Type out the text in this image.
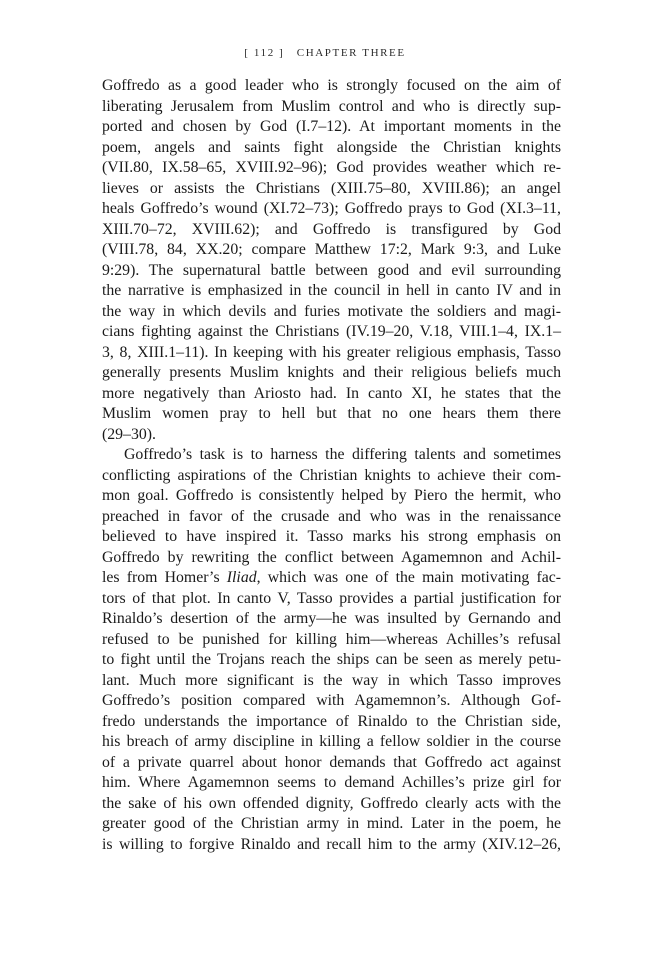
[ 112 ] CHAPTER THREE
Goffredo as a good leader who is strongly focused on the aim of
liberating Jerusalem from Muslim control and who is directly sup-
ported and chosen by God (I.7–12). At important moments in the
poem, angels and saints fight alongside the Christian knights
(VII.80, IX.58–65, XVIII.92–96); God provides weather which re-
lieves or assists the Christians (XIII.75–80, XVIII.86); an angel
heals Goffredo’s wound (XI.72–73); Goffredo prays to God (XI.3–11,
XIII.70–72, XVIII.62); and Goffredo is transfigured by God
(VIII.78, 84, XX.20; compare Matthew 17:2, Mark 9:3, and Luke
9:29). The supernatural battle between good and evil surrounding
the narrative is emphasized in the council in hell in canto IV and in
the way in which devils and furies motivate the soldiers and magi-
cians fighting against the Christians (IV.19–20, V.18, VIII.1–4, IX.1–
3, 8, XIII.1–11). In keeping with his greater religious emphasis, Tasso
generally presents Muslim knights and their religious beliefs much
more negatively than Ariosto had. In canto XI, he states that the
Muslim women pray to hell but that no one hears them there
(29–30).
Goffredo’s task is to harness the differing talents and sometimes
conflicting aspirations of the Christian knights to achieve their com-
mon goal. Goffredo is consistently helped by Piero the hermit, who
preached in favor of the crusade and who was in the renaissance
believed to have inspired it. Tasso marks his strong emphasis on
Goffredo by rewriting the conflict between Agamemnon and Achil-
les from Homer’s Iliad, which was one of the main motivating fac-
tors of that plot. In canto V, Tasso provides a partial justification for
Rinaldo’s desertion of the army—he was insulted by Gernando and
refused to be punished for killing him—whereas Achilles’s refusal
to fight until the Trojans reach the ships can be seen as merely petu-
lant. Much more significant is the way in which Tasso improves
Goffredo’s position compared with Agamemnon’s. Although Gof-
fredo understands the importance of Rinaldo to the Christian side,
his breach of army discipline in killing a fellow soldier in the course
of a private quarrel about honor demands that Goffredo act against
him. Where Agamemnon seems to demand Achilles’s prize girl for
the sake of his own offended dignity, Goffredo clearly acts with the
greater good of the Christian army in mind. Later in the poem, he
is willing to forgive Rinaldo and recall him to the army (XIV.12–26,
